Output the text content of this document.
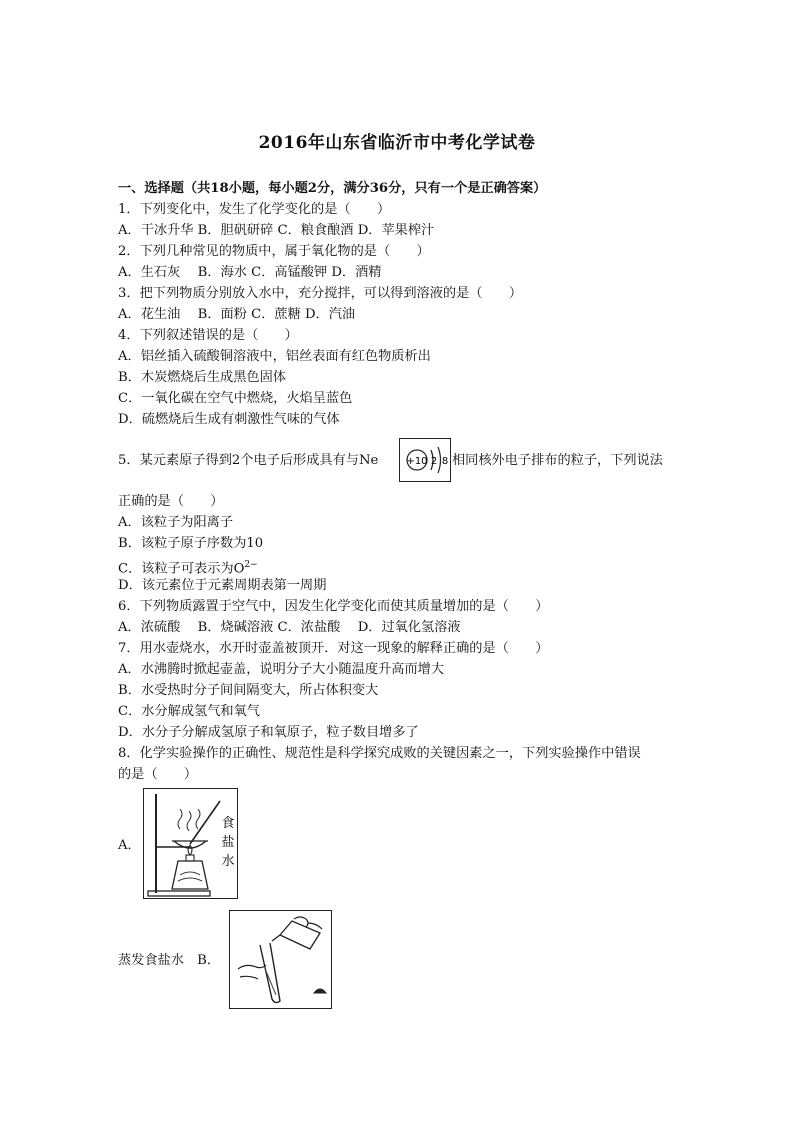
2016年山东省临沂市中考化学试卷
一、选择题（共18小题，每小题2分，满分36分，只有一个是正确答案）
1．下列变化中，发生了化学变化的是（　　）
A．干冰升华 B．胆矾研碎 C．粮食酿酒 D．苹果榨汁
2．下列几种常见的物质中，属于氧化物的是（　　）
A．生石灰　 B．海水 C．高锰酸钾 D．酒精
3．把下列物质分别放入水中，充分搅拌，可以得到溶液的是（　　）
A．花生油　 B．面粉 C．蔗糖 D．汽油
4．下列叙述错误的是（　　）
A．铝丝插入硫酸铜溶液中，铝丝表面有红色物质析出
B．木炭燃烧后生成黑色固体
C．一氧化碳在空气中燃烧，火焰呈蓝色
D．硫燃烧后生成有刺激性气味的气体
5．某元素原子得到2个电子后形成具有与Ne	+10 2 8 相同核外电子排布的粒子，下列说法
正确的是（　　）
A．该粒子为阳离子
B．该粒子原子序数为10
C．该粒子可表示为$O^{2-}$
D．该元素位于元素周期表第一周期
6．下列物质露置于空气中，因发生化学变化而使其质量增加的是（　　）
A．浓硫酸　 B．烧碱溶液 C．浓盐酸　 D．过氧化氢溶液
7．用水壶烧水，水开时壶盖被顶开．对这一现象的解释正确的是（　　）
A．水沸腾时掀起壶盖，说明分子大小随温度升高而增大
B．水受热时分子间间隔变大，所占体积变大
C．水分解成氢气和氧气
D．水分子分解成氢原子和氧原子，粒子数目增多了
8．化学实验操作的正确性、规范性是科学探究成败的关键因素之一，下列实验操作中错误
的是（　　）
A．
食
盐
水
蒸发食盐水　 B．
